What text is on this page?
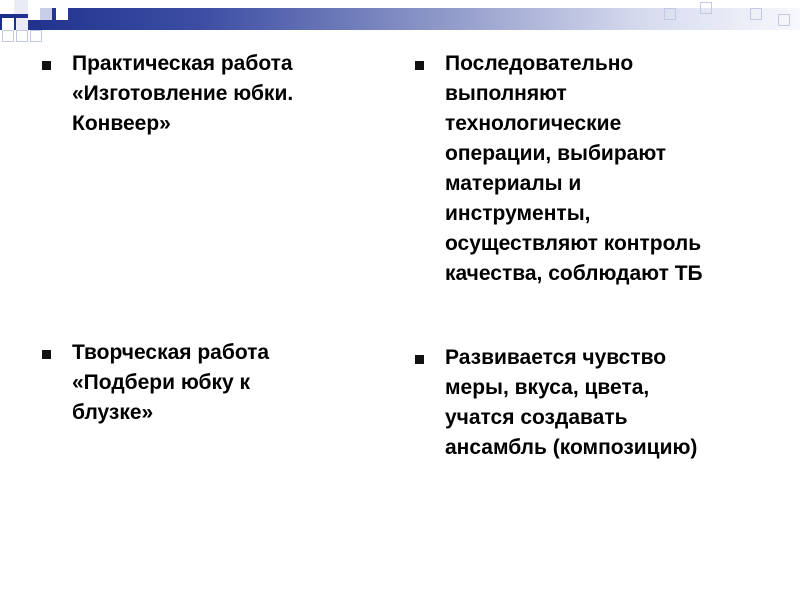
Практическая работа
«Изготовление юбки.
Конвеер»
Творческая работа
«Подбери юбку к
блузке»
Последовательно
выполняют
технологические
операции, выбирают
материалы и
инструменты,
осуществляют контроль
качества, соблюдают ТБ
Развивается чувство
меры, вкуса, цвета,
учатся создавать
ансамбль (композицию)
